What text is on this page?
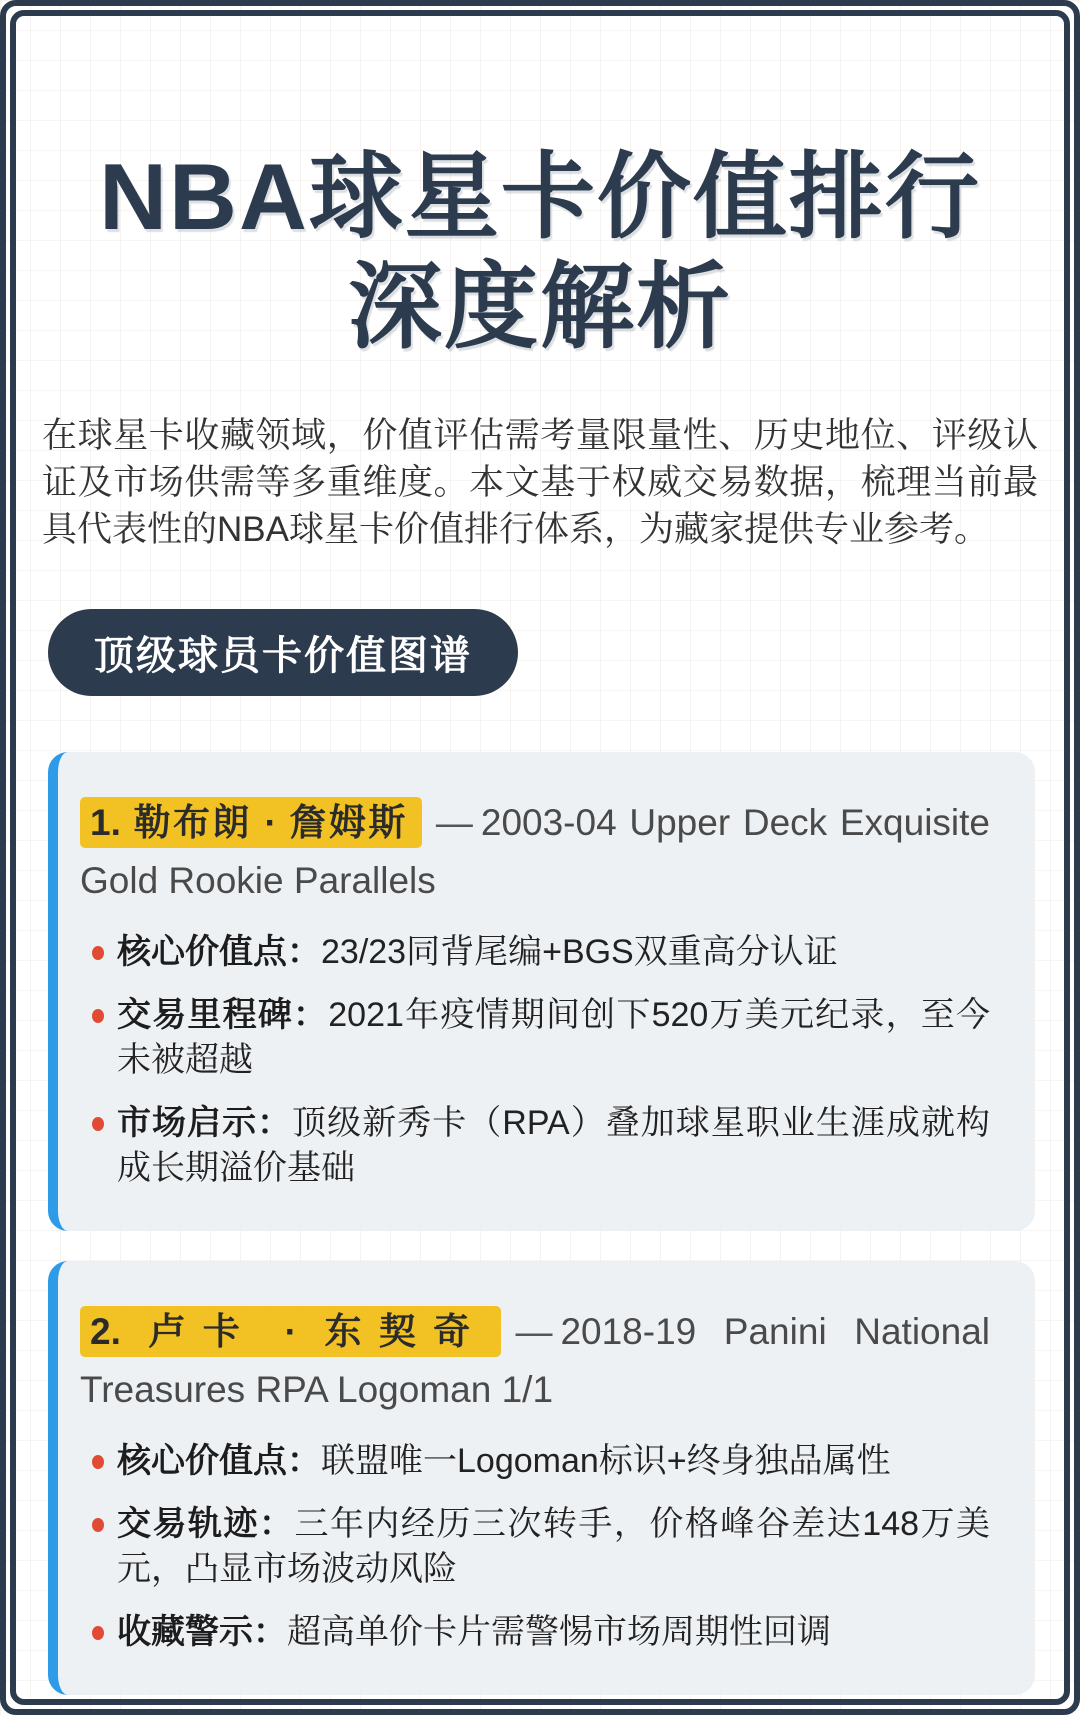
NBA球星卡价值排行
深度解析

在球星卡收藏领域，价值评估需考量限量性、历史地位、评级认证及市场供需等多重维度。本文基于权威交易数据，梳理当前最具代表性的NBA球星卡价值排行体系，为藏家提供专业参考。

顶级球员卡价值图谱

1. 勒布朗 · 詹姆斯 — 2003-04 Upper Deck Exquisite Gold Rookie Parallels

核心价值点：23/23同背尾编+BGS双重高分认证

交易里程碑：2021年疫情期间创下520万美元纪录，至今未被超越

市场启示：顶级新秀卡（RPA）叠加球星职业生涯成就构成长期溢价基础

2. 卢卡 · 东契奇 — 2018-19 Panini National Treasures RPA Logoman 1/1

核心价值点：联盟唯一Logoman标识+终身独品属性

交易轨迹：三年内经历三次转手，价格峰谷差达148万美元，凸显市场波动风险

收藏警示：超高单价卡片需警惕市场周期性回调
